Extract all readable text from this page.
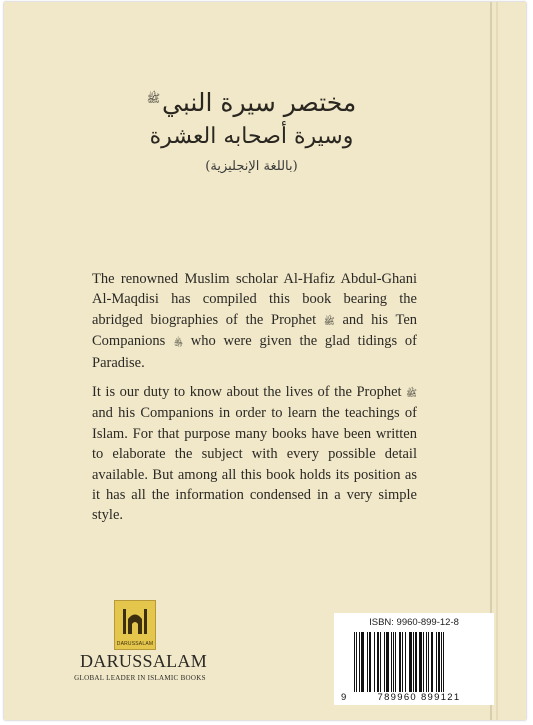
مختصر سيرة النبي$^ﷺ$
وسيرة أصحابه العشرة
(باللغة الإنجليزية)

The renowned Muslim scholar Al-Hafiz Abdul-Ghani Al-Maqdisi has compiled this book bearing the abridged biographies of the Prophet ﷺ and his Ten Companions ﵃ who were given the glad tidings of Paradise.

It is our duty to know about the lives of the Prophet ﷺ and his Companions in order to learn the teachings of Islam. For that purpose many books have been written to elaborate the subject with every possible detail available. But among all this book holds its position as it has all the information condensed in a very simple style.

DARUSSALAM
DARUSSALAM
GLOBAL LEADER IN ISLAMIC BOOKS
ISBN: 9960-899-12-8
9	789960 899121
